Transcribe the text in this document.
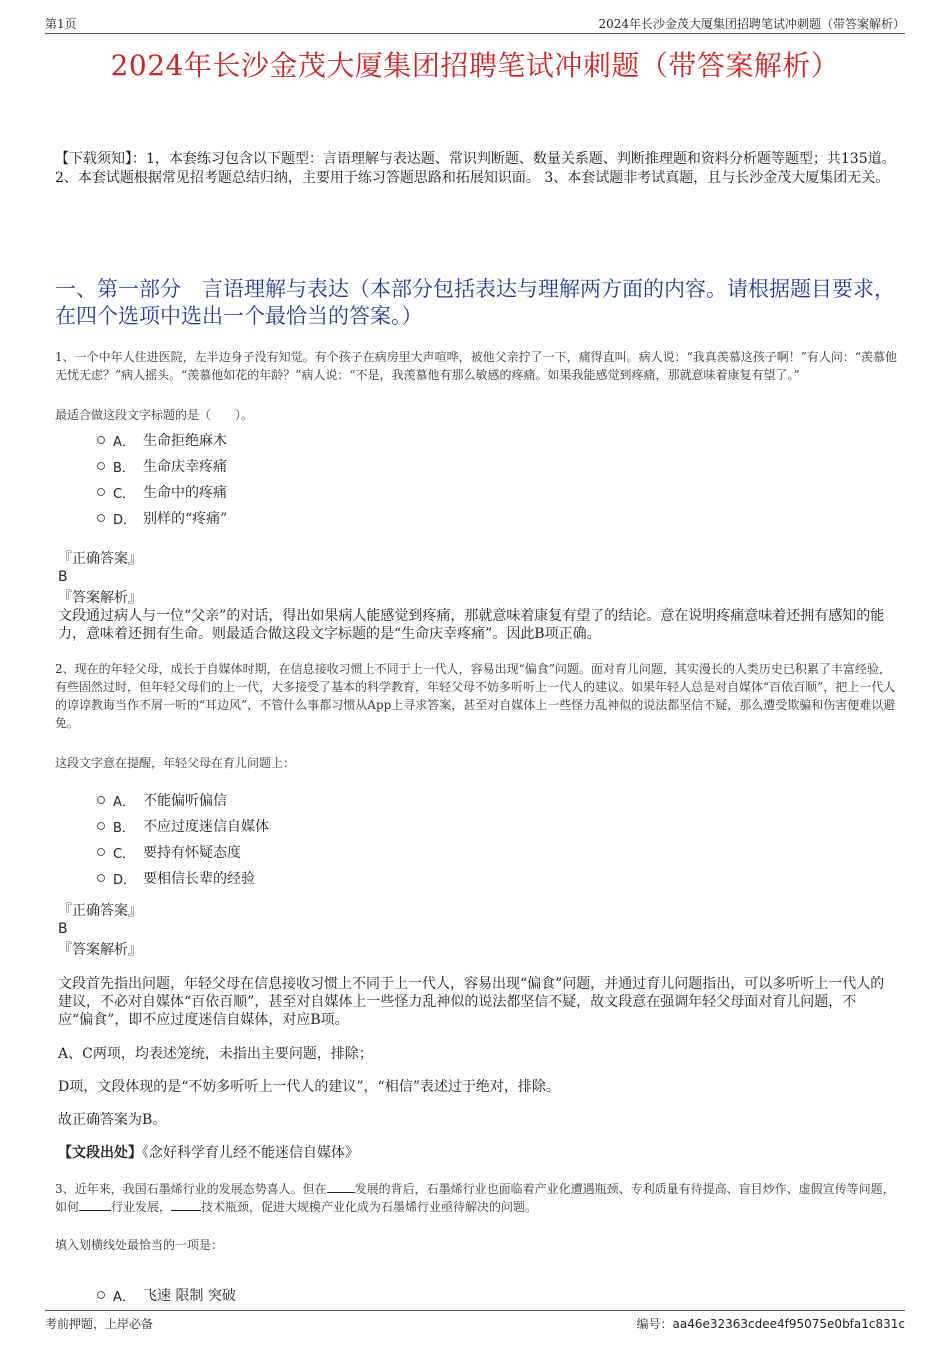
第1页	2024年长沙金茂大厦集团招聘笔试冲刺题（带答案解析）
2024年长沙金茂大厦集团招聘笔试冲刺题（带答案解析）
【下载须知】：1，本套练习包含以下题型：言语理解与表达题、常识判断题、数量关系题、判断推理题和资料分析题等题型；共135道。 2、本套试题根据常见招考题总结归纳，主要用于练习答题思路和拓展知识面。 3、本套试题非考试真题，且与长沙金茂大厦集团无关。
一、第一部分　言语理解与表达（本部分包括表达与理解两方面的内容。请根据题目要求，在四个选项中选出一个最恰当的答案。）
1、一个中年人住进医院，左半边身子没有知觉。有个孩子在病房里大声喧哗，被他父亲拧了一下，痛得直叫。病人说：“我真羡慕这孩子啊！”有人问：“羡慕他无忧无虑？”病人摇头。“羡慕他如花的年龄？”病人说：“不是，我羡慕他有那么敏感的疼痛。如果我能感觉到疼痛，那就意味着康复有望了。”
最适合做这段文字标题的是（　　）。
A． 生命拒绝麻木
B． 生命庆幸疼痛
C． 生命中的疼痛
D． 别样的“疼痛”
『正确答案』
B
『答案解析』
文段通过病人与一位“父亲”的对话，得出如果病人能感觉到疼痛，那就意味着康复有望了的结论。意在说明疼痛意味着还拥有感知的能力，意味着还拥有生命。则最适合做这段文字标题的是“生命庆幸疼痛”。因此B项正确。
2、现在的年轻父母，成长于自媒体时期，在信息接收习惯上不同于上一代人，容易出现“偏食”问题。面对育儿问题，其实漫长的人类历史已积累了丰富经验，有些固然过时，但年轻父母们的上一代，大多接受了基本的科学教育，年轻父母不妨多听听上一代人的建议。如果年轻人总是对自媒体“百依百顺”，把上一代人的谆谆教诲当作不屑一听的“耳边风”，不管什么事都习惯从App上寻求答案，甚至对自媒体上一些怪力乱神似的说法都坚信不疑，那么遭受欺骗和伤害便难以避免。
这段文字意在提醒，年轻父母在育儿问题上：
A． 不能偏听偏信
B． 不应过度迷信自媒体
C． 要持有怀疑态度
D． 要相信长辈的经验
『正确答案』
B
『答案解析』
文段首先指出问题，年轻父母在信息接收习惯上不同于上一代人，容易出现“偏食”问题，并通过育儿问题指出，可以多听听上一代人的建议，不必对自媒体“百依百顺”，甚至对自媒体上一些怪力乱神似的说法都坚信不疑，故文段意在强调年轻父母面对育儿问题，不应“偏食”，即不应过度迷信自媒体，对应B项。
A、C两项，均表述笼统，未指出主要问题，排除；
D项，文段体现的是“不妨多听听上一代人的建议”，“相信”表述过于绝对，排除。
故正确答案为B。
【文段出处】《念好科学育儿经不能迷信自媒体》
3、近年来，我国石墨烯行业的发展态势喜人。但在 发展的背后，石墨烯行业也面临着产业化遭遇瓶颈、专利质量有待提高、盲目炒作、虚假宣传等问题，如何	行业发展，	技术瓶颈，促进大规模产业化成为石墨烯行业亟待解决的问题。
填入划横线处最恰当的一项是：
A． 飞速 限制 突破
考前押题，上岸必备	编号：aa46e32363cdee4f95075e0bfa1c831c
